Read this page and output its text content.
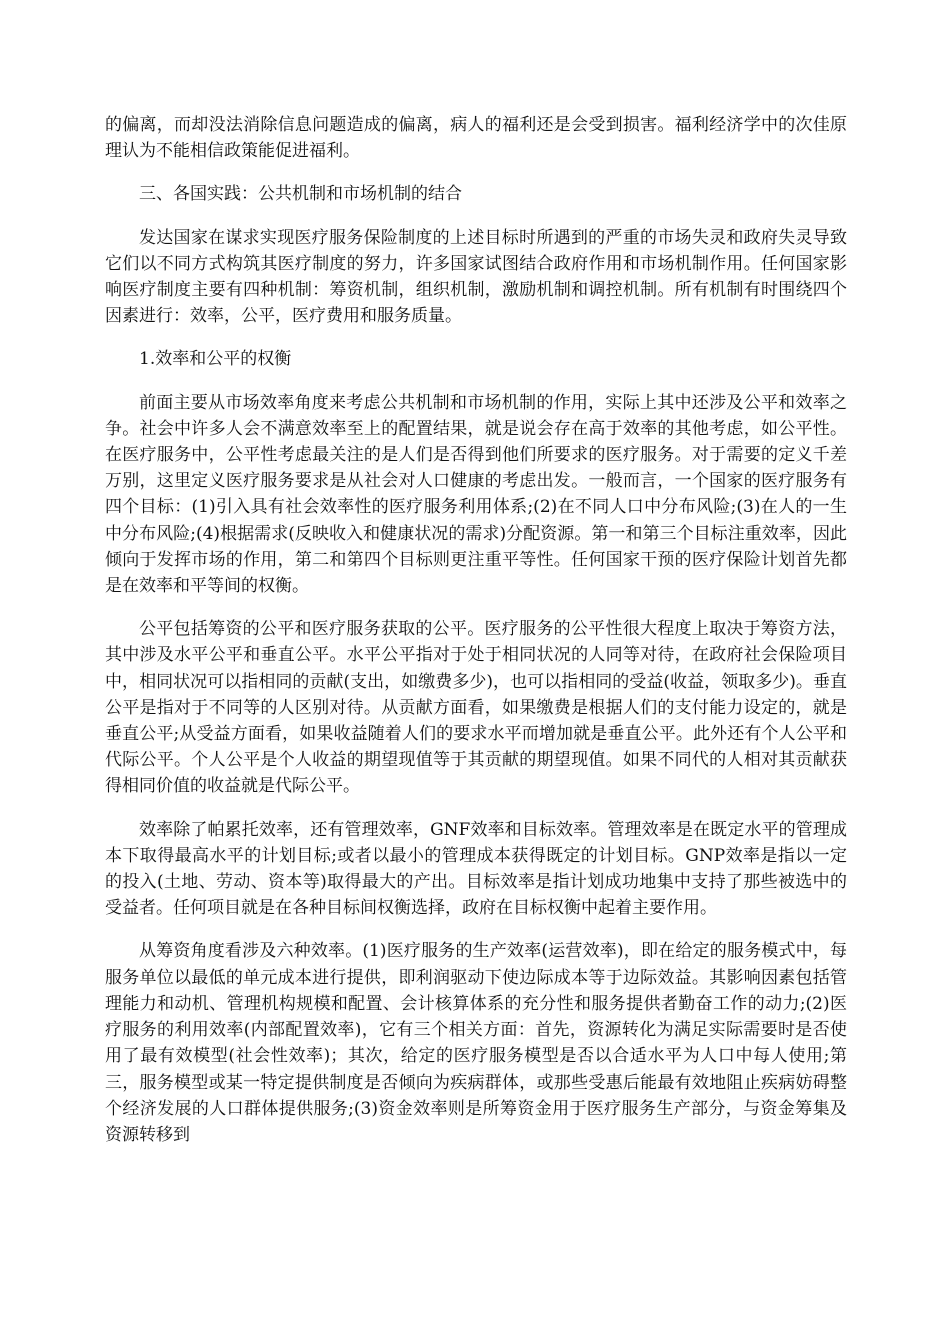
的偏离，而却没法消除信息问题造成的偏离，病人的福利还是会受到损害。福利经济学中的次佳原理认为不能相信政策能促进福利。

三、各国实践：公共机制和市场机制的结合

发达国家在谋求实现医疗服务保险制度的上述目标时所遇到的严重的市场失灵和政府失灵导致它们以不同方式构筑其医疗制度的努力，许多国家试图结合政府作用和市场机制作用。任何国家影响医疗制度主要有四种机制：筹资机制，组织机制，激励机制和调控机制。所有机制有时围绕四个因素进行：效率，公平，医疗费用和服务质量。

1.效率和公平的权衡

前面主要从市场效率角度来考虑公共机制和市场机制的作用，实际上其中还涉及公平和效率之争。社会中许多人会不满意效率至上的配置结果，就是说会存在高于效率的其他考虑，如公平性。在医疗服务中，公平性考虑最关注的是人们是否得到他们所要求的医疗服务。对于需要的定义千差万别，这里定义医疗服务要求是从社会对人口健康的考虑出发。一般而言，一个国家的医疗服务有四个目标：(1)引入具有社会效率性的医疗服务利用体系;(2)在不同人口中分布风险;(3)在人的一生中分布风险;(4)根据需求(反映收入和健康状况的需求)分配资源。第一和第三个目标注重效率，因此倾向于发挥市场的作用，第二和第四个目标则更注重平等性。任何国家干预的医疗保险计划首先都是在效率和平等间的权衡。

公平包括筹资的公平和医疗服务获取的公平。医疗服务的公平性很大程度上取决于筹资方法，其中涉及水平公平和垂直公平。水平公平指对于处于相同状况的人同等对待，在政府社会保险项目中，相同状况可以指相同的贡献(支出，如缴费多少)，也可以指相同的受益(收益，领取多少)。垂直公平是指对于不同等的人区别对待。从贡献方面看，如果缴费是根据人们的支付能力设定的，就是垂直公平;从受益方面看，如果收益随着人们的要求水平而增加就是垂直公平。此外还有个人公平和代际公平。个人公平是个人收益的期望现值等于其贡献的期望现值。如果不同代的人相对其贡献获得相同价值的收益就是代际公平。

效率除了帕累托效率，还有管理效率，GNF效率和目标效率。管理效率是在既定水平的管理成本下取得最高水平的计划目标;或者以最小的管理成本获得既定的计划目标。GNP效率是指以一定的投入(土地、劳动、资本等)取得最大的产出。目标效率是指计划成功地集中支持了那些被选中的受益者。任何项目就是在各种目标间权衡选择，政府在目标权衡中起着主要作用。

从筹资角度看涉及六种效率。(1)医疗服务的生产效率(运营效率)，即在给定的服务模式中，每服务单位以最低的单元成本进行提供，即利润驱动下使边际成本等于边际效益。其影响因素包括管理能力和动机、管理机构规模和配置、会计核算体系的充分性和服务提供者勤奋工作的动力;(2)医疗服务的利用效率(内部配置效率)，它有三个相关方面：首先，资源转化为满足实际需要时是否使用了最有效模型(社会性效率)；其次，给定的医疗服务模型是否以合适水平为人口中每人使用;第三，服务模型或某一特定提供制度是否倾向为疾病群体，或那些受惠后能最有效地阻止疾病妨碍整个经济发展的人口群体提供服务;(3)资金效率则是所筹资金用于医疗服务生产部分，与资金筹集及资源转移到
